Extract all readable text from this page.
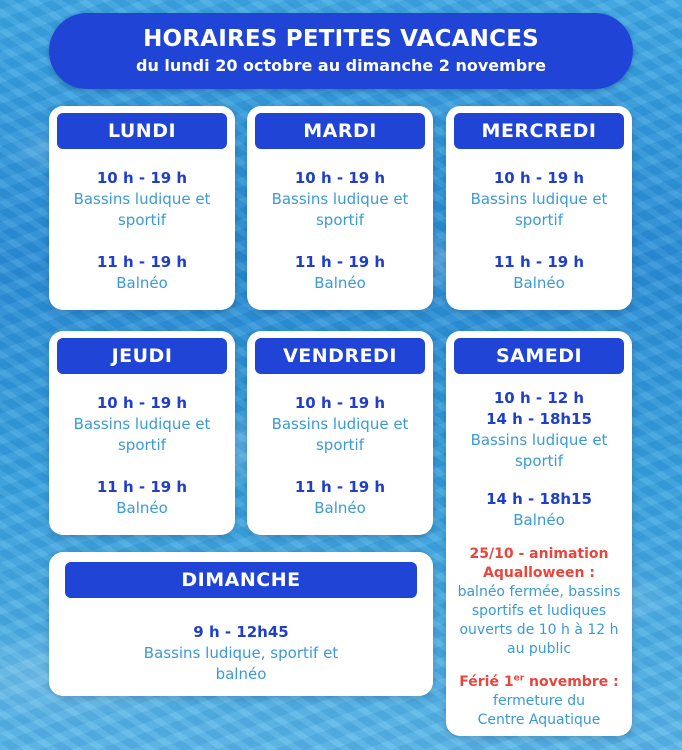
HORAIRES PETITES VACANCES
du lundi 20 octobre au dimanche 2 novembre
LUNDI
10 h - 19 h
Bassins ludique et sportif
11 h - 19 h
Balnéo
MARDI
10 h - 19 h
Bassins ludique et sportif
11 h - 19 h
Balnéo
MERCREDI
10 h - 19 h
Bassins ludique et sportif
11 h - 19 h
Balnéo
JEUDI
10 h - 19 h
Bassins ludique et sportif
11 h - 19 h
Balnéo
VENDREDI
10 h - 19 h
Bassins ludique et sportif
11 h - 19 h
Balnéo
SAMEDI
10 h - 12 h
14 h - 18h15
Bassins ludique et sportif
14 h - 18h15
Balnéo
25/10 - animation Aqualloween :
balnéo fermée, bassins sportifs et ludiques ouverts de 10 h à 12 h au public
Férié 1er novembre :
fermeture du Centre Aquatique
DIMANCHE
9 h - 12h45
Bassins ludique, sportif et balnéo
